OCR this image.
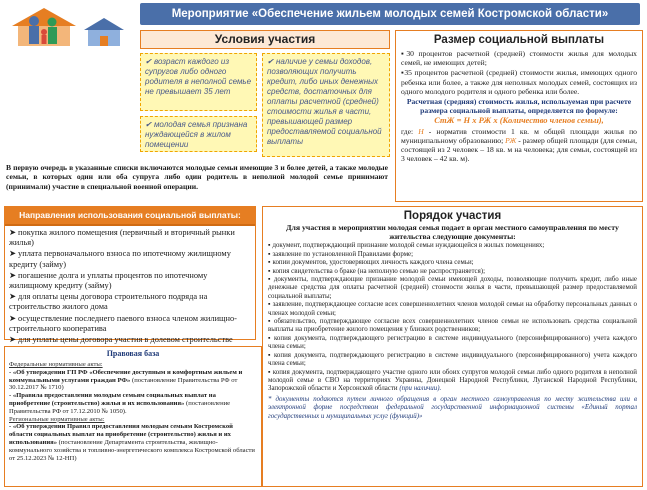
Мероприятие «Обеспечение жильем молодых семей Костромской области»
Условия участия
✔ возраст каждого из супругов либо одного родителя в неполной семье не превышает 35 лет
✔ молодая семья признана нуждающейся в жилом помещении
✔ наличие у семьи доходов, позволяющих получить кредит, либо иных денежных средств, достаточных для оплаты расчетной (средней) стоимости жилья в части, превышающей размер предоставляемой социальной выплаты
Размер социальной выплаты
▪30 процентов расчетной (средней) стоимости жилья для молодых семей, не имеющих детей;
▪35 процентов расчетной (средней) стоимости жилья, имеющих одного ребенка или более, а также для неполных молодых семей, состоящих из одного молодого родителя и одного ребенка или более.
Расчетная (средняя) стоимость жилья, используемая при расчете размера социальной выплаты, определяется по формуле:
СтЖ = Н х РЖ х (Количество членов семьи),
где: Н - норматив стоимости 1 кв. м общей площади жилья по муниципальному образованию; РЖ - размер общей площади (для семьи, состоящей из 2 человек – 18 кв. м на человека; для семьи, состоящей из 3 человек – 42 кв. м).
В первую очередь в указанные списки включаются молодые семьи имеющие 3 и более детей, а также молодые семьи, в которых один или оба супруга либо один родитель в неполной молодой семье принимают (принимали) участие в специальной военной операции.
Направления использования социальной выплаты:
➤ покупка жилого помещения (первичный и вторичный рынки жилья)
➤ уплата первоначального взноса по ипотечному жилищному кредиту (займу)
➤ погашение долга и уплаты процентов по ипотечному жилищному кредиту (займу)
➤ для оплаты цены договора строительного подряда на строительство жилого дома
➤ осуществление последнего паевого взноса членом жилищно-строительного кооператива
➤ для уплаты цены договора участия в долевом строительстве
Правовая база
Федеральные нормативные акты:
- «Об утверждении ГП РФ «Обеспечение доступным и комфортным жильем и коммунальными услугами граждан РФ» (постановление Правительства РФ от 30.12.2017 № 1710)
- «Правила предоставления молодым семьям социальных выплат на приобретение (строительство) жилья и их использования» (постановление Правительства РФ от 17.12.2010 № 1050).
Региональные нормативные акты:
- «Об утверждении Правил предоставления молодым семьям Костромской области социальных выплат на приобретение (строительство) жилья и их использования» (постановление Департамента строительства, жилищно-коммунального хозяйства и топливно-энергетического комплекса Костромской области от 25.12.2023 № 12-НП)
Порядок участия
Для участия в мероприятии молодая семья подает в орган местного самоуправления по месту жительства следующие документы:
▪ документ, подтверждающий признание молодой семьи нуждающейся в жилых помещениях;
▪ заявление по установленной Правилами форме;
▪ копии документов, удостоверяющих личность каждого члена семьи;
▪ копия свидетельства о браке (на неполную семью не распространяется);
▪ документы, подтверждающие признание молодой семьи имеющей доходы, позволяющие получить кредит, либо иные денежные средства для оплаты расчетной (средней) стоимости жилья в части, превышающей размер предоставляемой социальной выплаты;
▪ заявление, подтверждающее согласие всех совершеннолетних членов молодой семьи на обработку персональных данных о членах молодой семьи;
▪ обязательство, подтверждающее согласие всех совершеннолетних членов семьи не использовать средства социальной выплаты на приобретение жилого помещения у близких родственников;
▪ копия документа, подтверждающего регистрацию в системе индивидуального (персонифицированного) учета каждого члена семьи;
▪ копия документа, подтверждающего регистрацию в системе индивидуального (персонифицированного) учета каждого члена семьи;
▪ копия документа, подтверждающего участие одного или обоих супругов молодой семьи либо одного родителя в неполной молодой семье в СВО на территориях Украины, Донецкой Народной Республики, Луганской Народной Республики, Запорожской области и Херсонской области (при наличии).
* документы подаются путем личного обращения в орган местного самоуправления по месту жительства или в электронной форме посредством федеральной государственной информационной системы «Единый портал государственных и муниципальных услуг (функций)»
